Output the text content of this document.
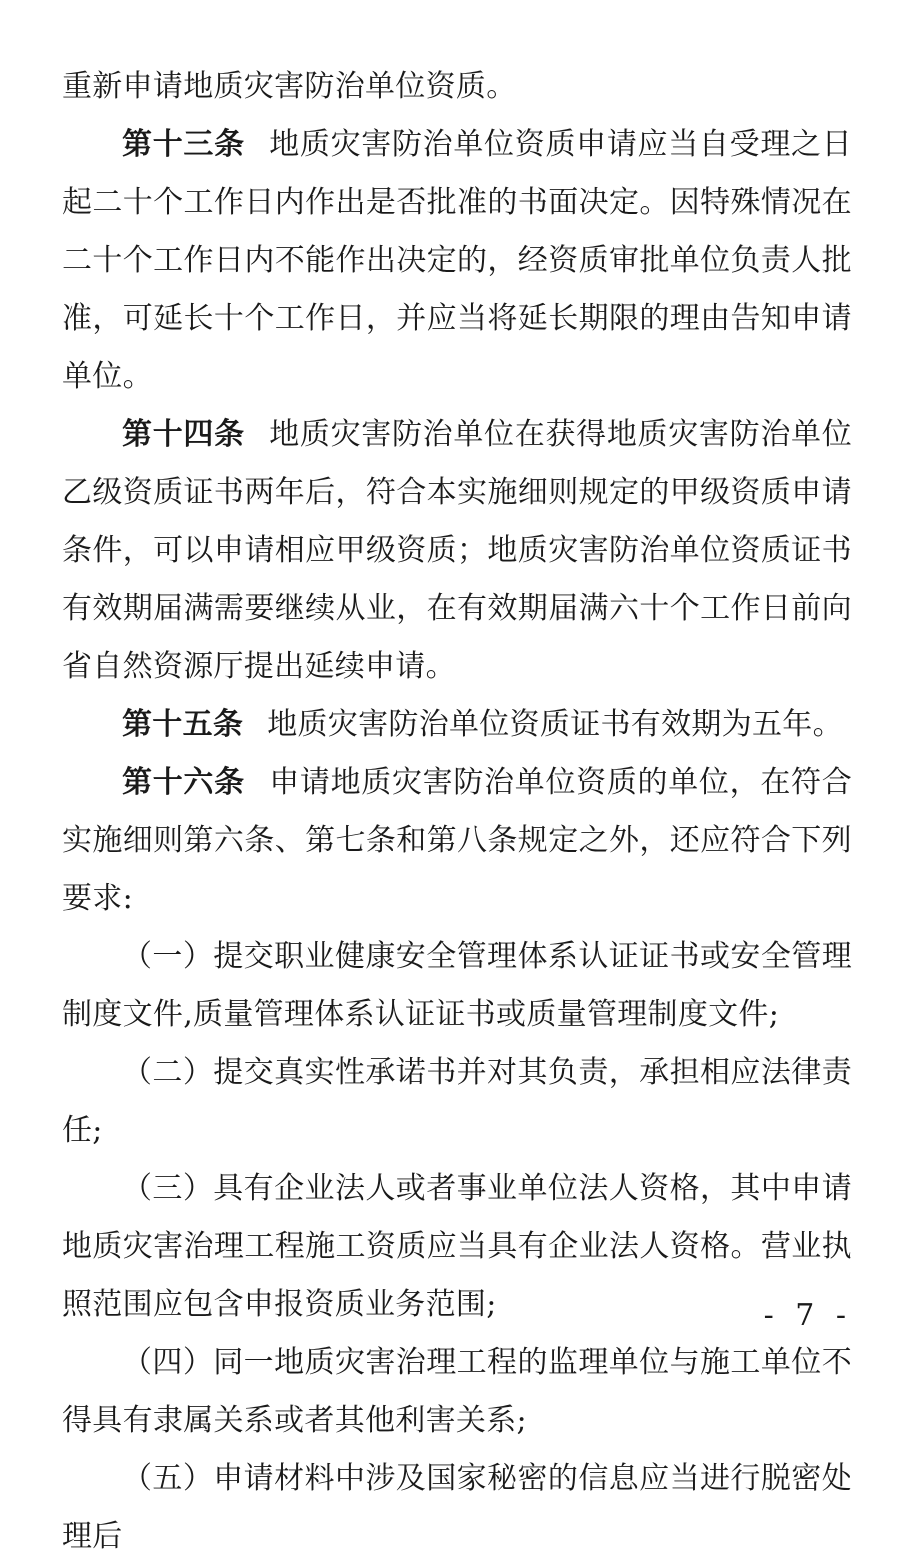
重新申请地质灾害防治单位资质。

第十三条 地质灾害防治单位资质申请应当自受理之日起二十个工作日内作出是否批准的书面决定。因特殊情况在二十个工作日内不能作出决定的，经资质审批单位负责人批准，可延长十个工作日，并应当将延长期限的理由告知申请单位。

第十四条 地质灾害防治单位在获得地质灾害防治单位乙级资质证书两年后，符合本实施细则规定的甲级资质申请条件，可以申请相应甲级资质；地质灾害防治单位资质证书有效期届满需要继续从业，在有效期届满六十个工作日前向省自然资源厅提出延续申请。

第十五条 地质灾害防治单位资质证书有效期为五年。

第十六条 申请地质灾害防治单位资质的单位，在符合实施细则第六条、第七条和第八条规定之外，还应符合下列要求:

（一）提交职业健康安全管理体系认证证书或安全管理制度文件,质量管理体系认证证书或质量管理制度文件;

（二）提交真实性承诺书并对其负责，承担相应法律责任;

（三）具有企业法人或者事业单位法人资格，其中申请地质灾害治理工程施工资质应当具有企业法人资格。营业执照范围应包含申报资质业务范围;

（四）同一地质灾害治理工程的监理单位与施工单位不得具有隶属关系或者其他利害关系;

（五）申请材料中涉及国家秘密的信息应当进行脱密处理后

- 7 -
